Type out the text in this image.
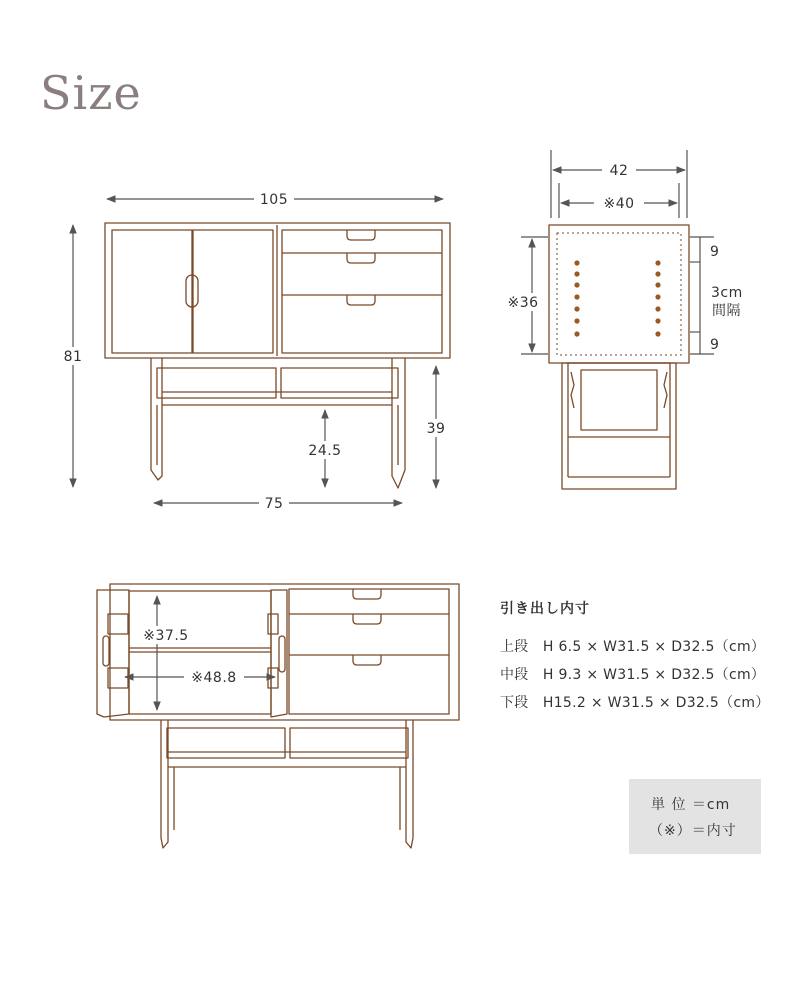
Size
105
81
39
24.5
75
42
※40
※36
9
3cm
間隔
9
※37.5
※48.8
引き出し内寸
上段 H 6.5 × W31.5 × D32.5（cm）
中段 H 9.3 × W31.5 × D32.5（cm）
下段 H15.2 × W31.5 × D32.5（cm）
単 位 ＝cm
（※）＝内寸
